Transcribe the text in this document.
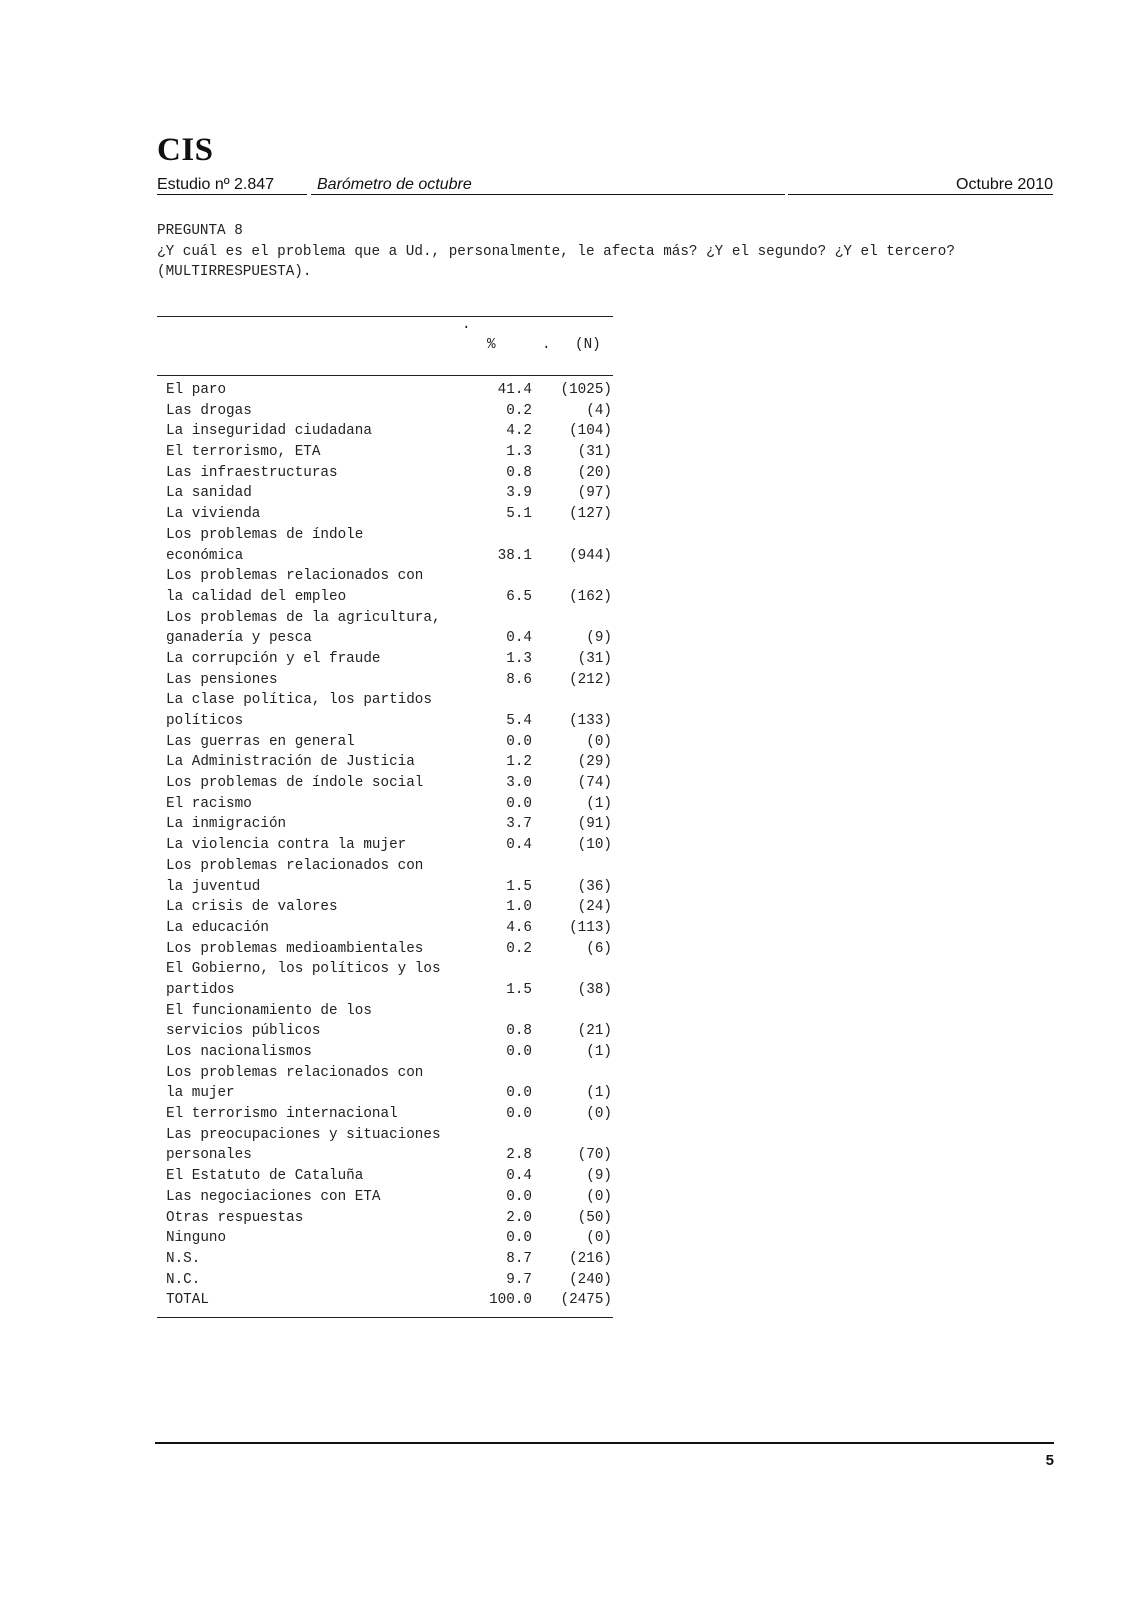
CIS
Estudio nº 2.847	Barómetro de octubre	Octubre 2010
PREGUNTA 8
¿Y cuál es el problema que a Ud., personalmente, le afecta más? ¿Y el segundo? ¿Y el tercero?
(MULTIRRESPUESTA).
.
%	. (N)
El paro	41.4	(1025)
Las drogas	0.2	(4)
La inseguridad ciudadana	4.2	(104)
El terrorismo, ETA	1.3	(31)
Las infraestructuras	0.8	(20)
La sanidad	3.9	(97)
La vivienda	5.1	(127)
Los problemas de índole
económica	38.1	(944)
Los problemas relacionados con
la calidad del empleo	6.5	(162)
Los problemas de la agricultura,
ganadería y pesca	0.4	(9)
La corrupción y el fraude	1.3	(31)
Las pensiones	8.6	(212)
La clase política, los partidos
políticos	5.4	(133)
Las guerras en general	0.0	(0)
La Administración de Justicia	1.2	(29)
Los problemas de índole social	3.0	(74)
El racismo	0.0	(1)
La inmigración	3.7	(91)
La violencia contra la mujer	0.4	(10)
Los problemas relacionados con
la juventud	1.5	(36)
La crisis de valores	1.0	(24)
La educación	4.6	(113)
Los problemas medioambientales	0.2	(6)
El Gobierno, los políticos y los
partidos	1.5	(38)
El funcionamiento de los
servicios públicos	0.8	(21)
Los nacionalismos	0.0	(1)
Los problemas relacionados con
la mujer	0.0	(1)
El terrorismo internacional	0.0	(0)
Las preocupaciones y situaciones
personales	2.8	(70)
El Estatuto de Cataluña	0.4	(9)
Las negociaciones con ETA	0.0	(0)
Otras respuestas	2.0	(50)
Ninguno	0.0	(0)
N.S.	8.7	(216)
N.C.	9.7	(240)
TOTAL	100.0	(2475)
5
